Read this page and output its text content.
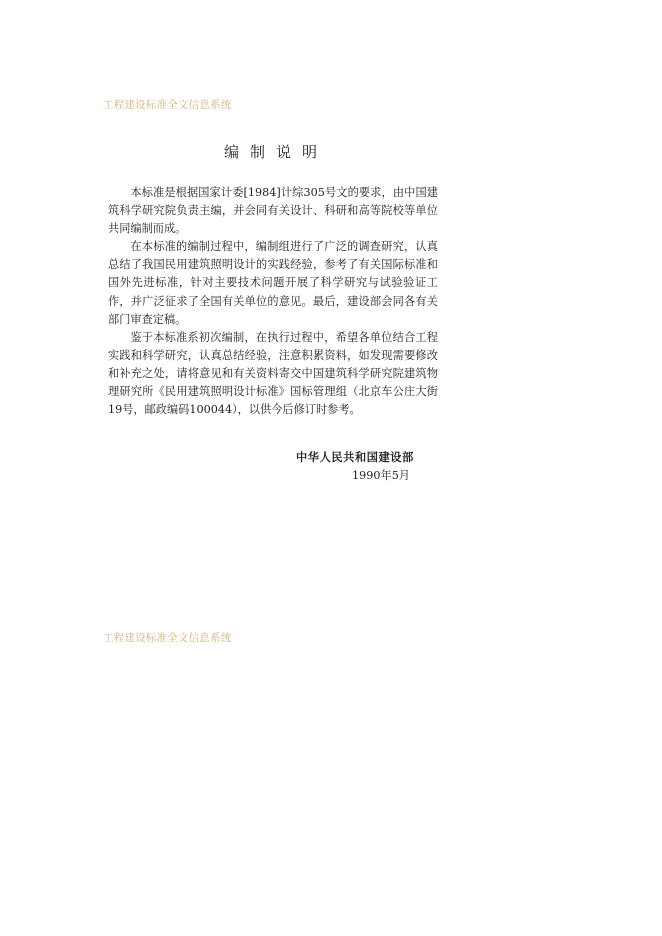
工程建设标准全文信息系统
编制说明

本标准是根据国家计委[1984]计综305号文的要求，由中国建筑科学研究院负责主编，并会同有关设计、科研和高等院校等单位共同编制而成。

在本标准的编制过程中，编制组进行了广泛的调查研究，认真总结了我国民用建筑照明设计的实践经验，参考了有关国际标准和国外先进标准，针对主要技术问题开展了科学研究与试验验证工作，并广泛征求了全国有关单位的意见。最后，建设部会同各有关部门审查定稿。

鉴于本标准系初次编制，在执行过程中，希望各单位结合工程实践和科学研究，认真总结经验，注意积累资料，如发现需要修改和补充之处，请将意见和有关资料寄交中国建筑科学研究院建筑物理研究所《民用建筑照明设计标准》国标管理组（北京车公庄大街19号，邮政编码100044），以供今后修订时参考。

中华人民共和国建设部
1990年5月
工程建设标准全文信息系统
